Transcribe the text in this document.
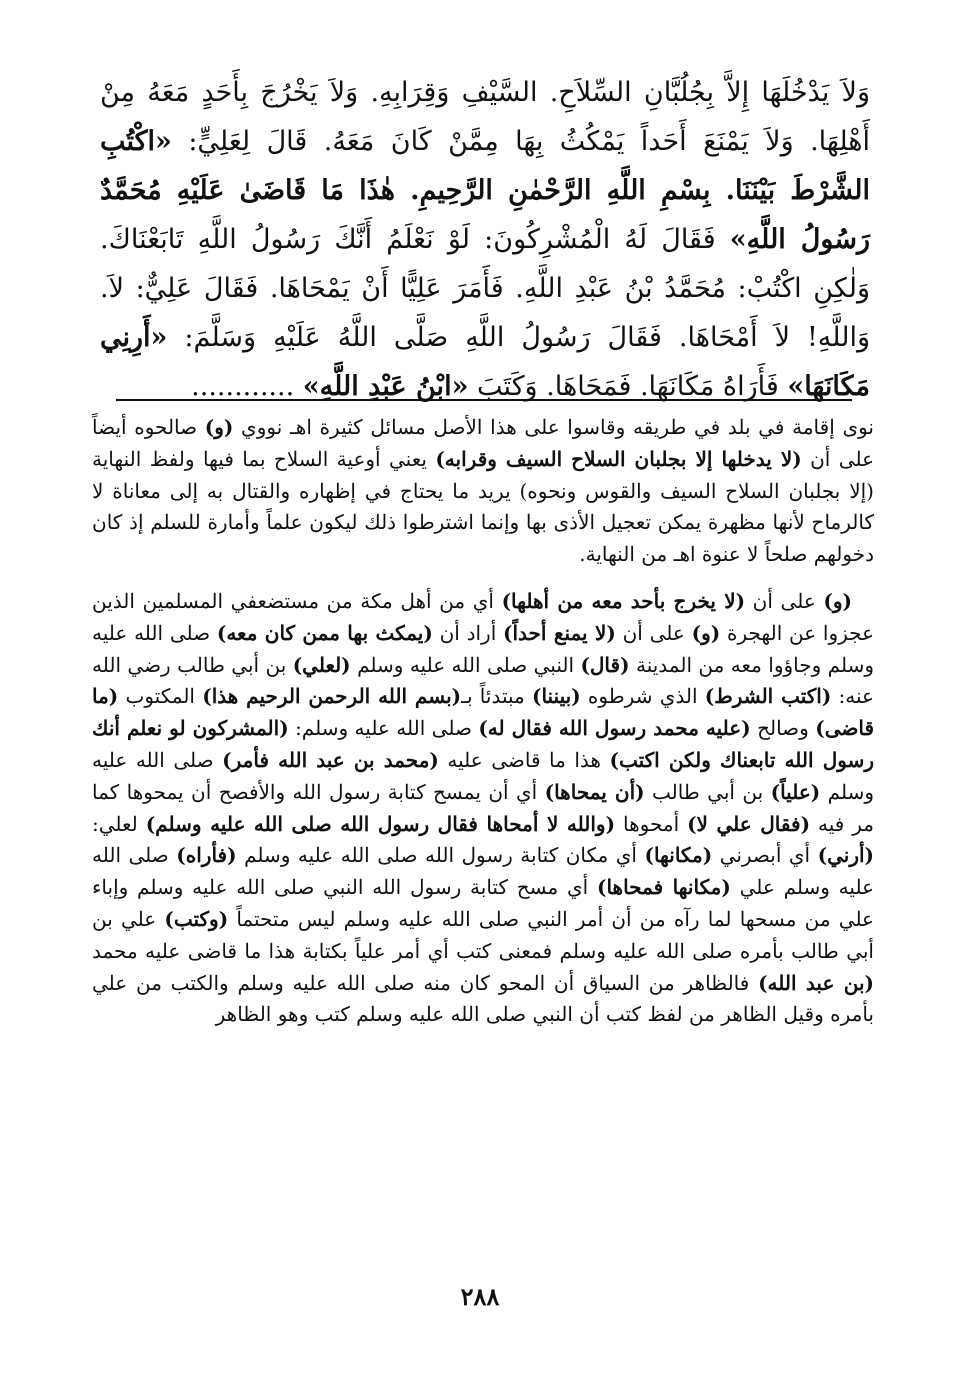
وَلاَ يَدْخُلَهَا إِلاَّ بِجُلُبَّانِ السِّلاَحِ. السَّيْفِ وَقِرَابِهِ. وَلاَ يَخْرُجَ بِأَحَدٍ مَعَهُ مِنْ أَهْلِهَا. وَلاَ يَمْنَعَ أَحَداً يَمْكُثُ بِهَا مِمَّنْ كَانَ مَعَهُ. قَالَ لِعَلِيٍّ: «اكْتُبِ الشَّرْطَ بَيْنَنَا. بِسْمِ اللَّهِ الرَّحْمٰنِ الرَّحِيمِ. هٰذَا مَا قَاضَىٰ عَلَيْهِ مُحَمَّدٌ رَسُولُ اللَّهِ» فَقَالَ لَهُ الْمُشْرِكُونَ: لَوْ نَعْلَمُ أَنَّكَ رَسُولُ اللَّهِ تَابَعْنَاكَ. وَلٰكِنِ اكْتُبْ: مُحَمَّدُ بْنُ عَبْدِ اللَّهِ. فَأَمَرَ عَلِيًّا أَنْ يَمْحَاهَا. فَقَالَ عَلِيٌّ: لاَ. وَاللَّهِ! لاَ أَمْحَاهَا. فَقَالَ رَسُولُ اللَّهِ صَلَّى اللَّهُ عَلَيْهِ وَسَلَّمَ: «أَرِنِي مَكَانَهَا» فَأَرَاهُ مَكَانَهَا. فَمَحَاهَا. وَكَتَبَ «ابْنُ عَبْدِ اللَّهِ» ............

نوى إقامة في بلد في طريقه وقاسوا على هذا الأصل مسائل كثيرة اهـ نووي (و) صالحوه أيضاً على أن (لا يدخلها إلا بجلبان السلاح السيف وقرابه) يعني أوعية السلاح بما فيها ولفظ النهاية (إلا بجلبان السلاح السيف والقوس ونحوه) يريد ما يحتاج في إظهاره والقتال به إلى معاناة لا كالرماح لأنها مظهرة يمكن تعجيل الأذى بها وإنما اشترطوا ذلك ليكون علماً وأمارة للسلم إذ كان دخولهم صلحاً لا عنوة اهـ من النهاية.

(و) على أن (لا يخرج بأحد معه من أهلها) أي من أهل مكة من مستضعفي المسلمين الذين عجزوا عن الهجرة (و) على أن (لا يمنع أحداً) أراد أن (يمكث بها ممن كان معه) صلى الله عليه وسلم وجاؤوا معه من المدينة (قال) النبي صلى الله عليه وسلم (لعلي) بن أبي طالب رضي الله عنه: (اكتب الشرط) الذي شرطوه (بيننا) مبتدئاً بـ(بسم الله الرحمن الرحيم هذا) المكتوب (ما قاضى) وصالح (عليه محمد رسول الله فقال له) صلى الله عليه وسلم: (المشركون لو نعلم أنك رسول الله تابعناك ولكن اكتب) هذا ما قاضى عليه (محمد بن عبد الله فأمر) صلى الله عليه وسلم (علياً) بن أبي طالب (أن يمحاها) أي أن يمسح كتابة رسول الله والأفصح أن يمحوها كما مر فيه (فقال علي لا) أمحوها (والله لا أمحاها فقال رسول الله صلى الله عليه وسلم) لعلي: (أرني) أي أبصرني (مكانها) أي مكان كتابة رسول الله صلى الله عليه وسلم (فأراه) صلى الله عليه وسلم علي (مكانها فمحاها) أي مسح كتابة رسول الله النبي صلى الله عليه وسلم وإباء علي من مسحها لما رآه من أن أمر النبي صلى الله عليه وسلم ليس متحتماً (وكتب) علي بن أبي طالب بأمره صلى الله عليه وسلم فمعنى كتب أي أمر علياً بكتابة هذا ما قاضى عليه محمد (بن عبد الله) فالظاهر من السياق أن المحو كان منه صلى الله عليه وسلم والكتب من علي بأمره وقيل الظاهر من لفظ كتب أن النبي صلى الله عليه وسلم كتب وهو الظاهر

٢٨٨
